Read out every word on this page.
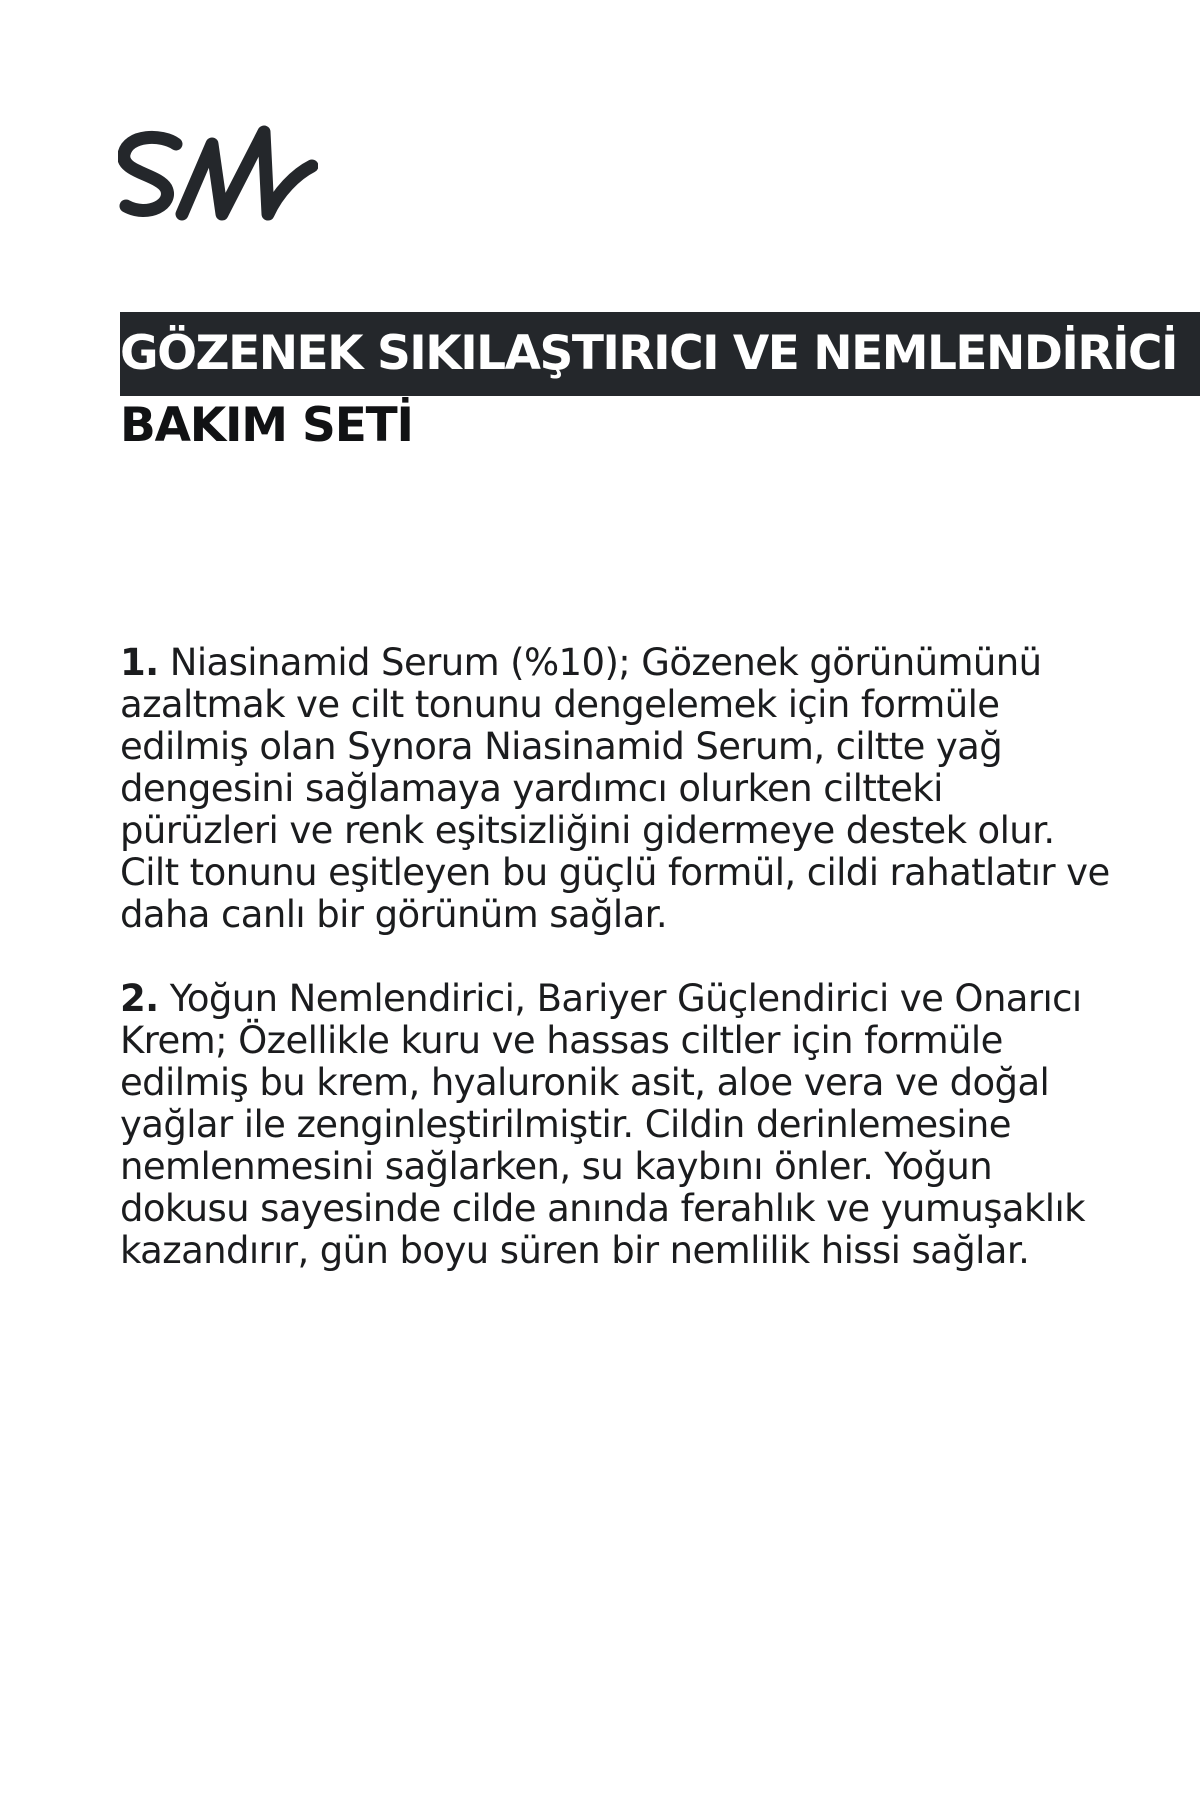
GÖZENEK SIKILAŞTIRICI VE NEMLENDİRİCİ
BAKIM SETİ

1. Niasinamid Serum (%10); Gözenek görünümünü azaltmak ve cilt tonunu dengelemek için formüle edilmiş olan Synora Niasinamid Serum, ciltte yağ dengesini sağlamaya yardımcı olurken ciltteki pürüzleri ve renk eşitsizliğini gidermeye destek olur. Cilt tonunu eşitleyen bu güçlü formül, cildi rahatlatır ve daha canlı bir görünüm sağlar.

2. Yoğun Nemlendirici, Bariyer Güçlendirici ve Onarıcı Krem; Özellikle kuru ve hassas ciltler için formüle edilmiş bu krem, hyaluronik asit, aloe vera ve doğal yağlar ile zenginleştirilmiştir. Cildin derinlemesine nemlenmesini sağlarken, su kaybını önler. Yoğun dokusu sayesinde cilde anında ferahlık ve yumuşaklık kazandırır, gün boyu süren bir nemlilik hissi sağlar.
